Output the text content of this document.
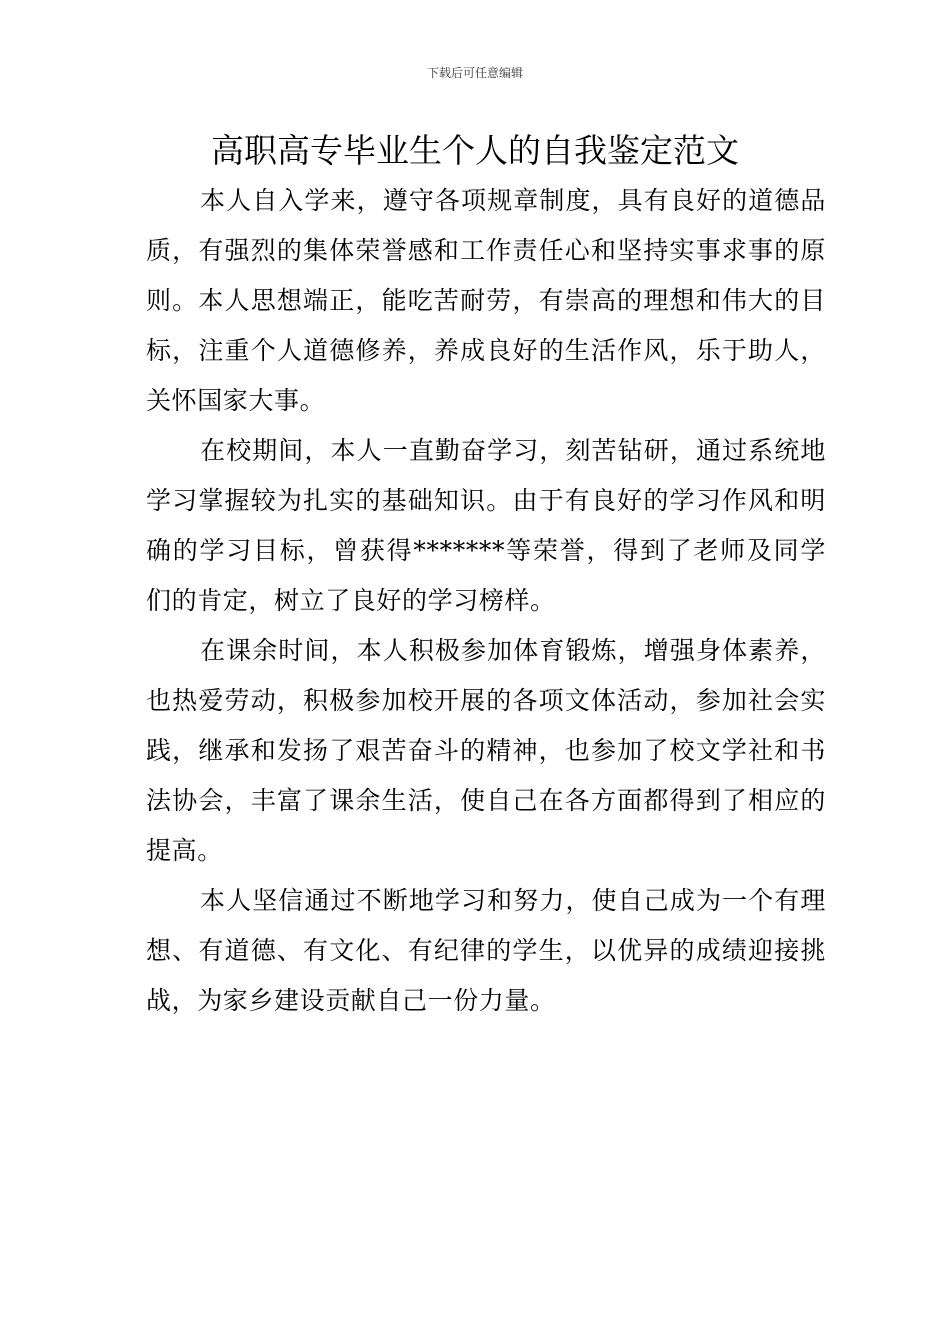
下载后可任意编辑
高职高专毕业生个人的自我鉴定范文

本人自入学来，遵守各项规章制度，具有良好的道德品质，有强烈的集体荣誉感和工作责任心和坚持实事求事的原则。本人思想端正，能吃苦耐劳，有崇高的理想和伟大的目标，注重个人道德修养，养成良好的生活作风，乐于助人，关怀国家大事。

在校期间，本人一直勤奋学习，刻苦钻研，通过系统地学习掌握较为扎实的基础知识。由于有良好的学习作风和明确的学习目标，曾获得*******等荣誉，得到了老师及同学们的肯定，树立了良好的学习榜样。

在课余时间，本人积极参加体育锻炼，增强身体素养，也热爱劳动，积极参加校开展的各项文体活动，参加社会实践，继承和发扬了艰苦奋斗的精神，也参加了校文学社和书法协会，丰富了课余生活，使自己在各方面都得到了相应的提高。

本人坚信通过不断地学习和努力，使自己成为一个有理想、有道德、有文化、有纪律的学生，以优异的成绩迎接挑战，为家乡建设贡献自己一份力量。
